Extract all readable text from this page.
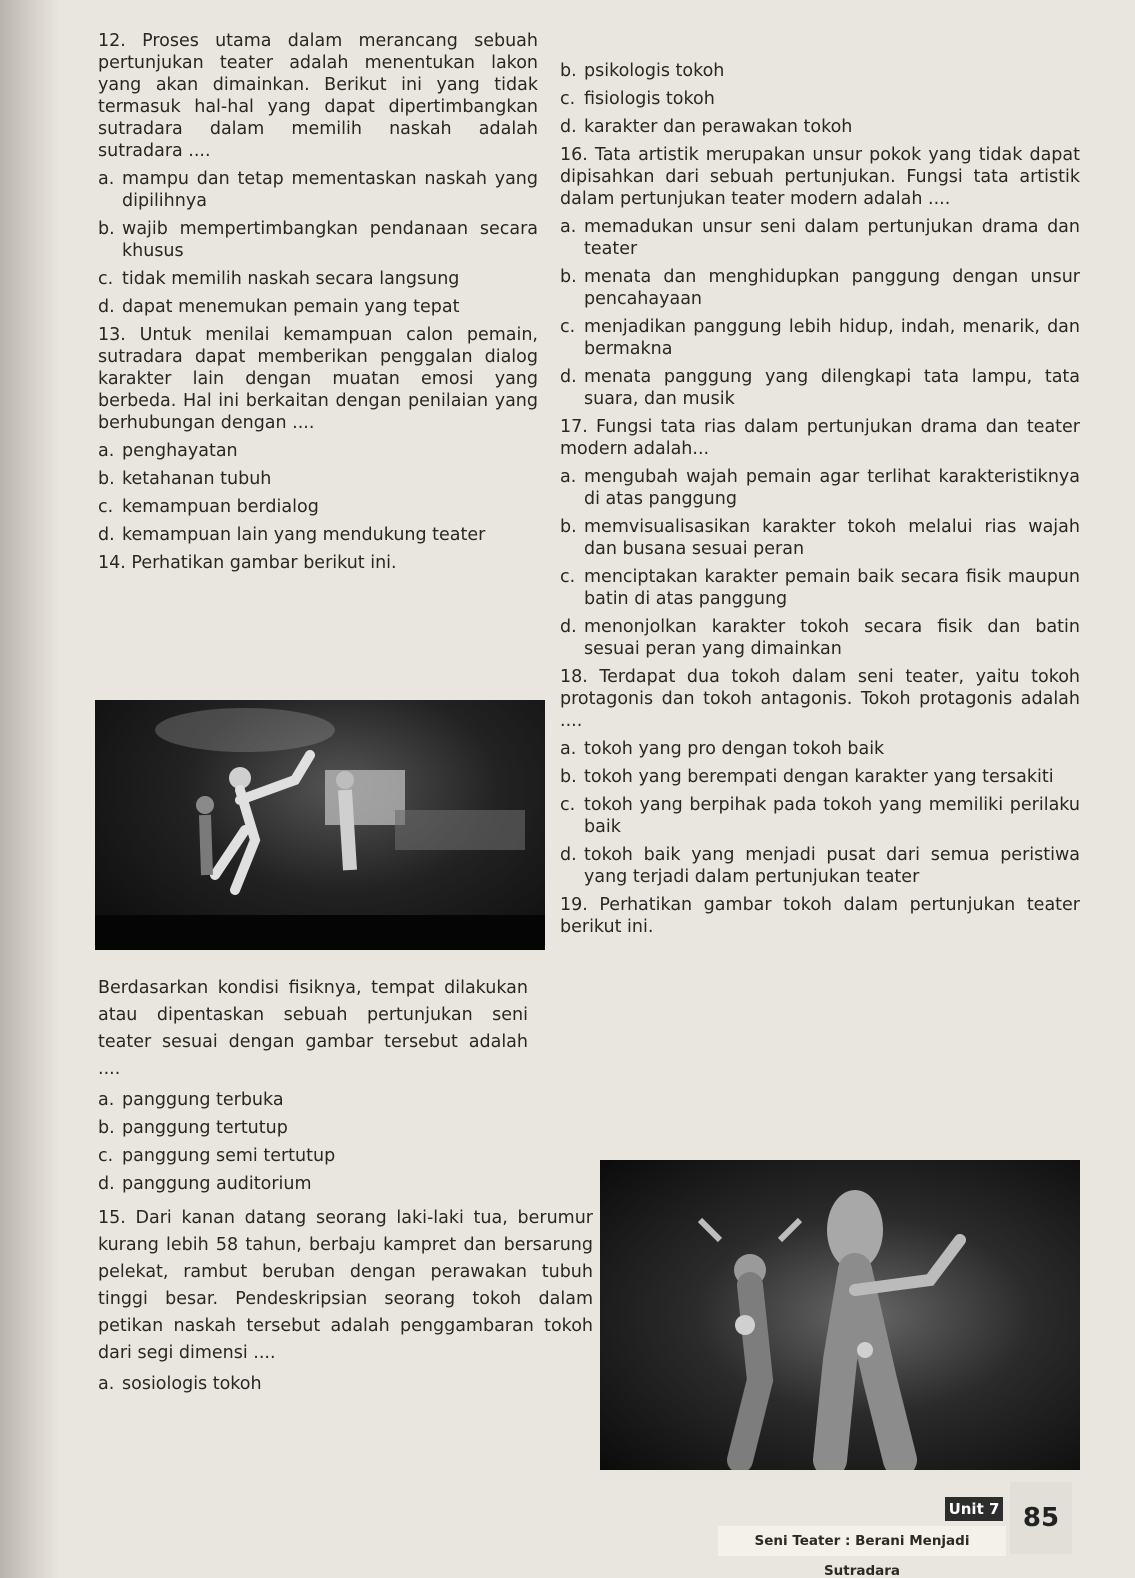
12. Proses utama dalam merancang sebuah pertunjukan teater adalah menentukan lakon yang akan dimainkan. Berikut ini yang tidak termasuk hal-hal yang dapat dipertimbangkan sutradara dalam memilih naskah adalah sutradara ....

a. mampu dan tetap mementaskan naskah yang dipilihnya

b. wajib mempertimbangkan pendanaan secara khusus

c. tidak memilih naskah secara langsung

d. dapat menemukan pemain yang tepat

13. Untuk menilai kemampuan calon pemain, sutradara dapat memberikan penggalan dialog karakter lain dengan muatan emosi yang berbeda. Hal ini berkaitan dengan penilaian yang berhubungan dengan ....

a. penghayatan

b. ketahanan tubuh

c. kemampuan berdialog

d. kemampuan lain yang mendukung teater

14. Perhatikan gambar berikut ini.

Berdasarkan kondisi fisiknya, tempat dilakukan atau dipentaskan sebuah pertunjukan seni teater sesuai dengan gambar tersebut adalah ....

a. panggung terbuka

b. panggung tertutup

c. panggung semi tertutup

d. panggung auditorium

15. Dari kanan datang seorang laki-laki tua, berumur kurang lebih 58 tahun, berbaju kampret dan bersarung pelekat, rambut beruban dengan perawakan tubuh tinggi besar. Pendeskripsian seorang tokoh dalam petikan naskah tersebut adalah penggambaran tokoh dari segi dimensi ....

a. sosiologis tokoh

b. psikologis tokoh

c. fisiologis tokoh

d. karakter dan perawakan tokoh

16. Tata artistik merupakan unsur pokok yang tidak dapat dipisahkan dari sebuah pertunjukan. Fungsi tata artistik dalam pertunjukan teater modern adalah ....

a. memadukan unsur seni dalam pertunjukan drama dan teater

b. menata dan menghidupkan panggung dengan unsur pencahayaan

c. menjadikan panggung lebih hidup, indah, menarik, dan bermakna

d. menata panggung yang dilengkapi tata lampu, tata suara, dan musik

17. Fungsi tata rias dalam pertunjukan drama dan teater modern adalah...

a. mengubah wajah pemain agar terlihat karakteristiknya di atas panggung

b. memvisualisasikan karakter tokoh melalui rias wajah dan busana sesuai peran

c. menciptakan karakter pemain baik secara fisik maupun batin di atas panggung

d. menonjolkan karakter tokoh secara fisik dan batin sesuai peran yang dimainkan

18. Terdapat dua tokoh dalam seni teater, yaitu tokoh protagonis dan tokoh antagonis. Tokoh protagonis adalah ....

a. tokoh yang pro dengan tokoh baik

b. tokoh yang berempati dengan karakter yang tersakiti

c. tokoh yang berpihak pada tokoh yang memiliki perilaku baik

d. tokoh baik yang menjadi pusat dari semua peristiwa yang terjadi dalam pertunjukan teater

19. Perhatikan gambar tokoh dalam pertunjukan teater berikut ini.

Unit 7
Seni Teater : Berani Menjadi Sutradara
85
